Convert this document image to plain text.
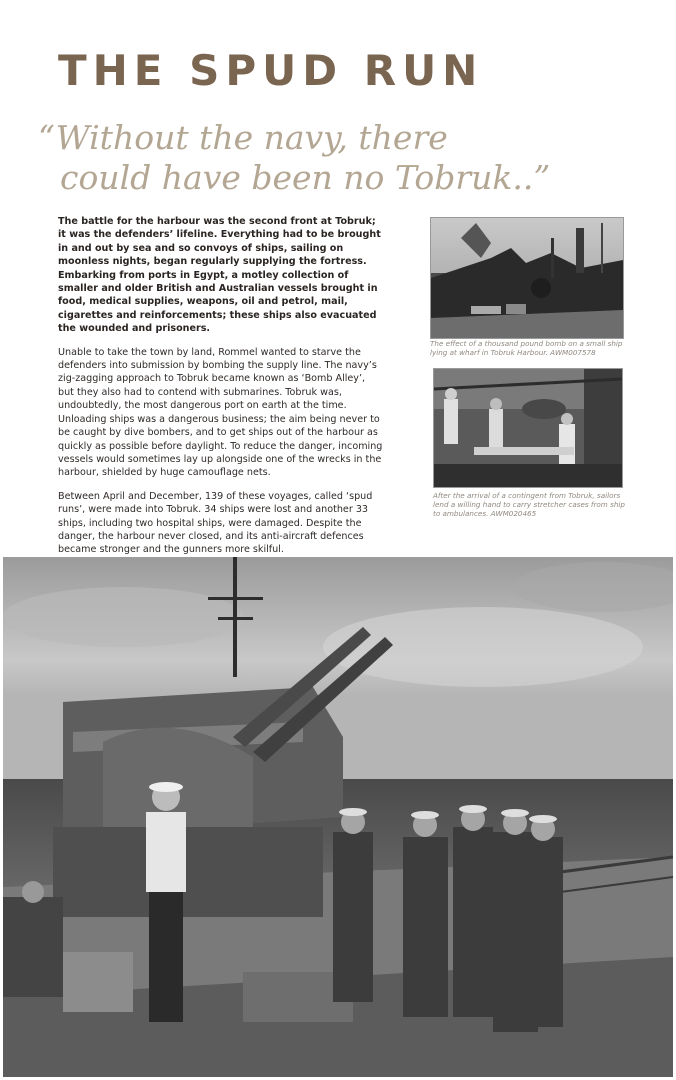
THE SPUD RUN

“Without the navy, there

could have been no Tobruk..”

The battle for the harbour was the second front at Tobruk; it was the defenders’ lifeline. Everything had to be brought in and out by sea and so convoys of ships, sailing on moonless nights, began regularly supplying the fortress. Embarking from ports in Egypt, a motley collection of smaller and older British and Australian vessels brought in food, medical supplies, weapons, oil and petrol, mail, cigarettes and reinforcements; these ships also evacuated the wounded and prisoners.

Unable to take the town by land, Rommel wanted to starve the defenders into submission by bombing the supply line. The navy’s zig-zagging approach to Tobruk became known as ‘Bomb Alley’, but they also had to contend with submarines. Tobruk was, undoubtedly, the most dangerous port on earth at the time. Unloading ships was a dangerous business; the aim being never to be caught by dive bombers, and to get ships out of the harbour as quickly as possible before daylight. To reduce the danger, incoming vessels would sometimes lay up alongside one of the wrecks in the harbour, shielded by huge camouflage nets.

Between April and December, 139 of these voyages, called ‘spud runs’, were made into Tobruk. 34 ships were lost and another 33 ships, including two hospital ships, were damaged. Despite the danger, the harbour never closed, and its anti-aircraft defences became stronger and the gunners more skilful.

The effect of a thousand pound bomb on a small ship lying at wharf in Tobruk Harbour. AWM007578

After the arrival of a contingent from Tobruk, sailors lend a willing hand to carry stretcher cases from ship to ambulances. AWM020465
